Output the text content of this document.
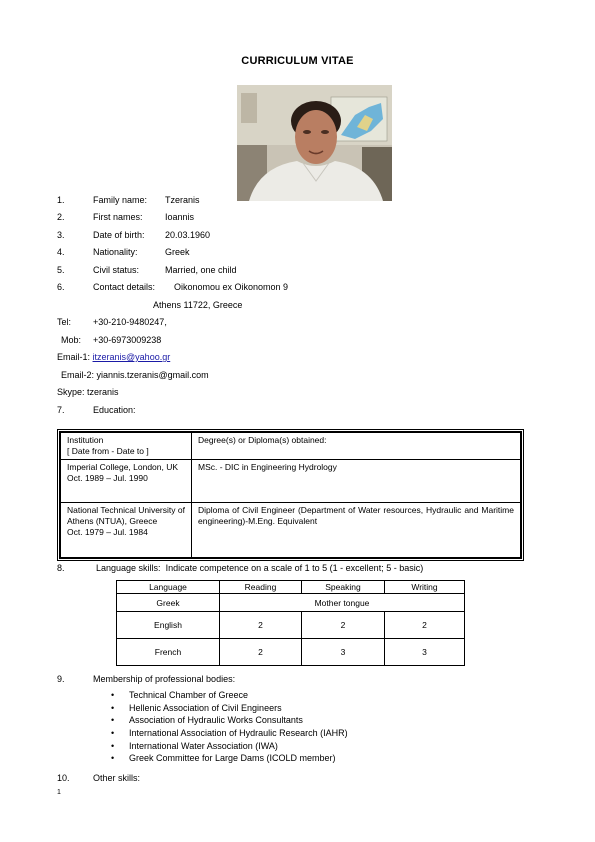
CURRICULUM VITAE
1.	Family name: Tzeranis
2.	First names: Ioannis
3.	Date of birth: 20.03.1960
4.	Nationality:	Greek
5.	Civil status:	Married, one child
6.	Contact details: Oikonomou ex Oikonomon 9
Athens 11722, Greece
Tel: +30-210-9480247,
Mob: +30-6973009238
Email-1: itzeranis@yahoo.gr
Email-2: yiannis.tzeranis@gmail.com
Skype: tzeranis
7.	Education:
Institution
[ Date from - Date to ]	Degree(s) or Diploma(s) obtained:

Imperial College, London, UK
Oct. 1989 – Jul. 1990	MSc. - DIC in Engineering Hydrology

National Technical University of Athens (NTUA), Greece
Oct. 1979 – Jul. 1984	Diploma of Civil Engineer (Department of Water resources, Hydraulic and Maritime engineering)-M.Eng. Equivalent
8.	Language skills: Indicate competence on a scale of 1 to 5 (1 - excellent; 5 - basic)
Language	Reading	Speaking	Writing
Greek	Mother tongue		
English	2	2	2
French	2	3	3
9.	Membership of professional bodies:
• Technical Chamber of Greece
• Hellenic Association of Civil Engineers
• Association of Hydraulic Works Consultants
• International Association of Hydraulic Research (IAHR)
• International Water Association (IWA)
• Greek Committee for Large Dams (ICOLD member)
10.	Other skills:
1
